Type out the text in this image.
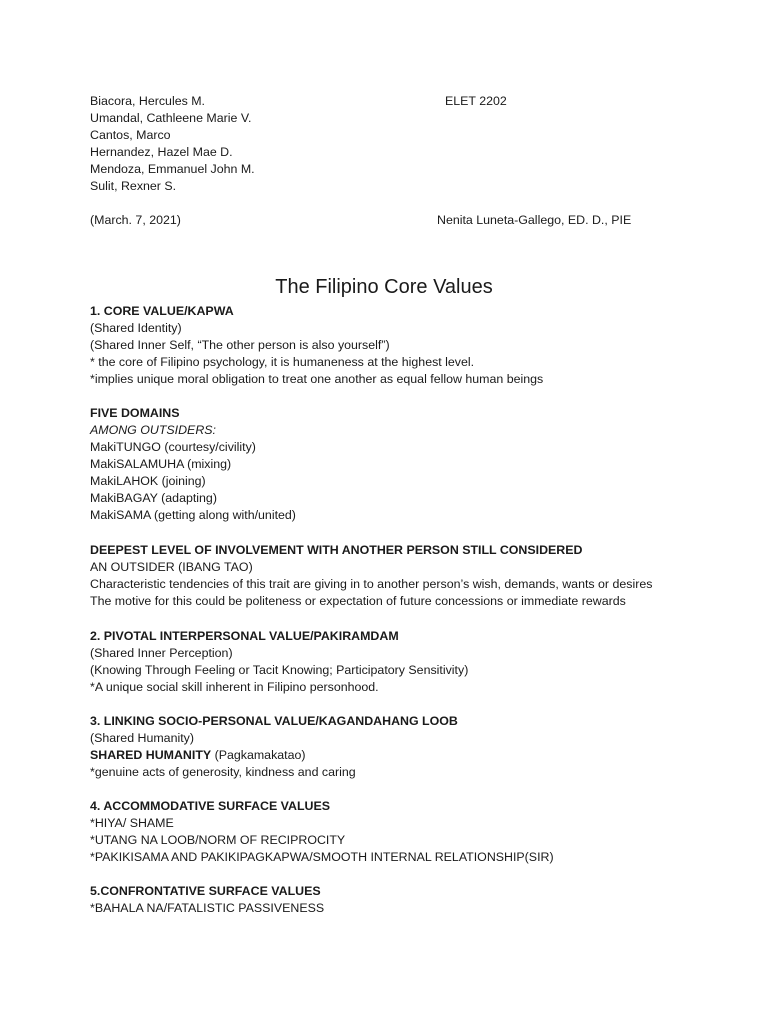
Biacora, Hercules M.

Umandal, Cathleene Marie V.

Cantos, Marco

Hernandez, Hazel Mae D.

Mendoza, Emmanuel John M.

Sulit, Rexner S.

ELET 2202

(March. 7, 2021)	Nenita Luneta-Gallego, ED. D., PIE

The Filipino Core Values

1. CORE VALUE/KAPWA

(Shared Identity)

(Shared Inner Self, “The other person is also yourself”)

* the core of Filipino psychology, it is humaneness at the highest level.

*implies unique moral obligation to treat one another as equal fellow human beings

FIVE DOMAINS

AMONG OUTSIDERS:

MakiTUNGO (courtesy/civility)

MakiSALAMUHA (mixing)

MakiLAHOK (joining)

MakiBAGAY (adapting)

MakiSAMA (getting along with/united)

DEEPEST LEVEL OF INVOLVEMENT WITH ANOTHER PERSON STILL CONSIDERED

AN OUTSIDER (IBANG TAO)

Characteristic tendencies of this trait are giving in to another person’s wish, demands, wants or desires

The motive for this could be politeness or expectation of future concessions or immediate rewards

2. PIVOTAL INTERPERSONAL VALUE/PAKIRAMDAM

(Shared Inner Perception)

(Knowing Through Feeling or Tacit Knowing; Participatory Sensitivity)

*A unique social skill inherent in Filipino personhood.

3. LINKING SOCIO-PERSONAL VALUE/KAGANDAHANG LOOB

(Shared Humanity)

SHARED HUMANITY (Pagkamakatao)

*genuine acts of generosity, kindness and caring

4. ACCOMMODATIVE SURFACE VALUES

*HIYA/ SHAME

*UTANG NA LOOB/NORM OF RECIPROCITY

*PAKIKISAMA AND PAKIKIPAGKAPWA/SMOOTH INTERNAL RELATIONSHIP(SIR)

5.CONFRONTATIVE SURFACE VALUES

*BAHALA NA/FATALISTIC PASSIVENESS
